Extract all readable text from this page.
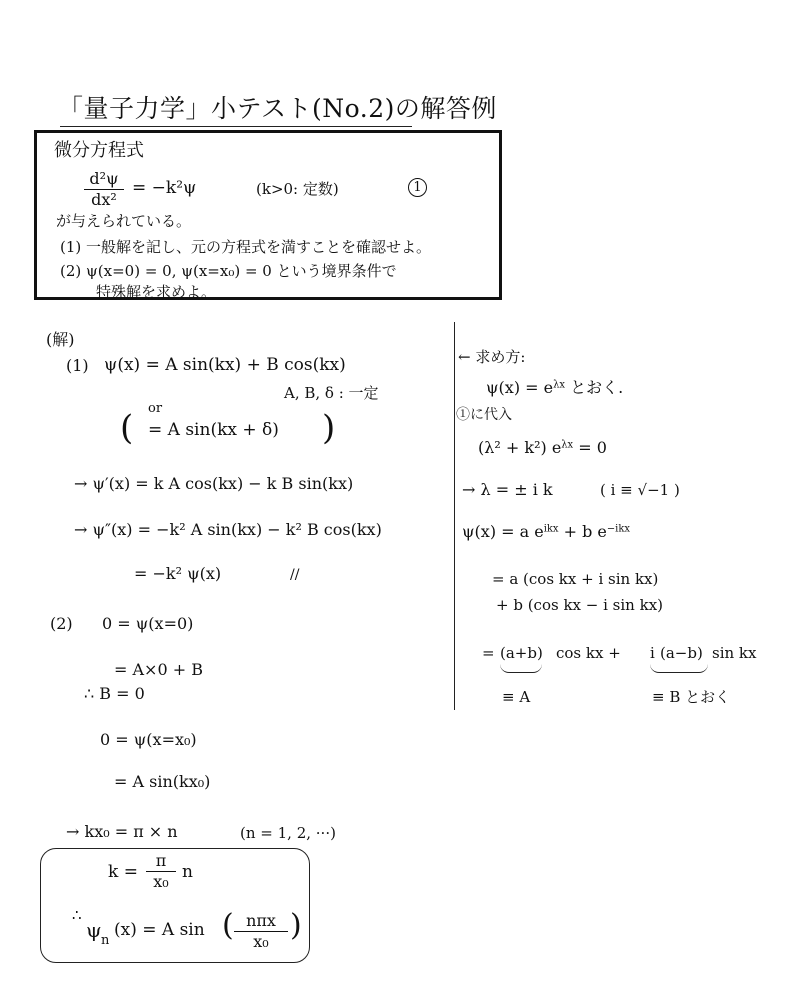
「量子力学」小テスト(No.2)の解答例
微分方程式
d²ψ
dx²
= −k²ψ	(k>0: 定数)	1
が与えられている。
(1) 一般解を記し、元の方程式を満すことを確認せよ。
(2) ψ(x=0) = 0, ψ(x=x₀) = 0 という境界条件で
特殊解を求めよ。
(解)
(1) ψ(x) = A sin(kx) + B cos(kx)
A, B, δ : 一定
( or
= A sin(kx + δ) )
→ ψ′(x) = k A cos(kx) − k B sin(kx)
→ ψ″(x) = −k² A sin(kx) − k² B cos(kx)
= −k² ψ(x)	//
(2) 0 = ψ(x=0)
= A×0 + B
∴ B = 0
0 = ψ(x=x₀)
= A sin(kx₀)
→ kx₀ = π × n	(n = 1, 2, ···)
k =
π
x₀ n
∴
ψ n
(x) = A sin ( nπx
x₀ )
← 求め方:
$\psi(x) = e^{\lambda x}$ とおく.
①に代入
(λ² + k²) $e^{\lambda x} = 0$
→ λ = ± i k	( i ≡ √−1 )
ψ(x) = a $e^{ikx} + b$ $e^{-ikx}$
= a (cos kx + i sin kx)
+ b (cos kx − i sin kx)
= (a+b) cos kx + i (a−b) sin kx
≡ A	≡ B とおく
